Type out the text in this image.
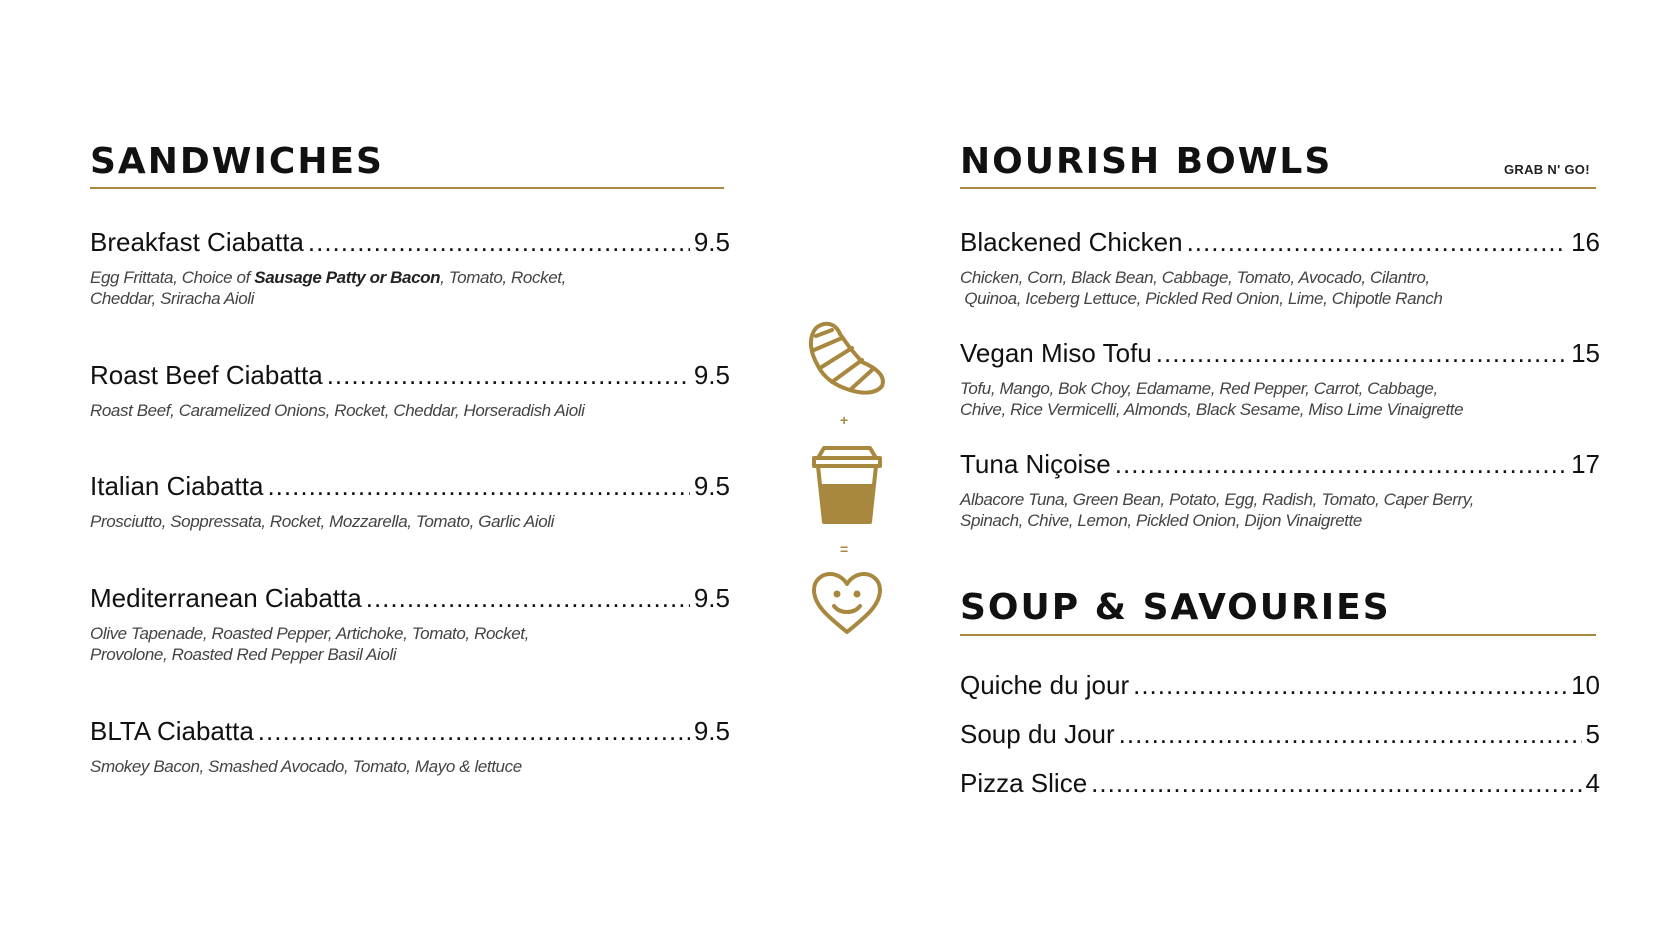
SANDWICHES
Breakfast Ciabatta .....	9.5
Egg Frittata, Choice of Sausage Patty or Bacon, Tomato, Rocket,
Cheddar, Sriracha Aioli
Roast Beef Ciabatta .....	9.5
Roast Beef, Caramelized Onions, Rocket, Cheddar, Horseradish Aioli
Italian Ciabatta .....	9.5
Prosciutto, Soppressata, Rocket, Mozzarella, Tomato, Garlic Aioli
Mediterranean Ciabatta .....	9.5
Olive Tapenade, Roasted Pepper, Artichoke, Tomato, Rocket,
Provolone, Roasted Red Pepper Basil Aioli
BLTA Ciabatta .....	9.5
Smokey Bacon, Smashed Avocado, Tomato, Mayo & lettuce
+
=
NOURISH BOWLS	GRAB N' GO!
Blackened Chicken .....	16
Chicken, Corn, Black Bean, Cabbage, Tomato, Avocado, Cilantro,
Quinoa, Iceberg Lettuce, Pickled Red Onion, Lime, Chipotle Ranch
Vegan Miso Tofu .....	15
Tofu, Mango, Bok Choy, Edamame, Red Pepper, Carrot, Cabbage,
Chive, Rice Vermicelli, Almonds, Black Sesame, Miso Lime Vinaigrette
Tuna Niçoise .....	17
Albacore Tuna, Green Bean, Potato, Egg, Radish, Tomato, Caper Berry,
Spinach, Chive, Lemon, Pickled Onion, Dijon Vinaigrette
SOUP & SAVOURIES
Quiche du jour .....	10
Soup du Jour .....	5
Pizza Slice .....	4
